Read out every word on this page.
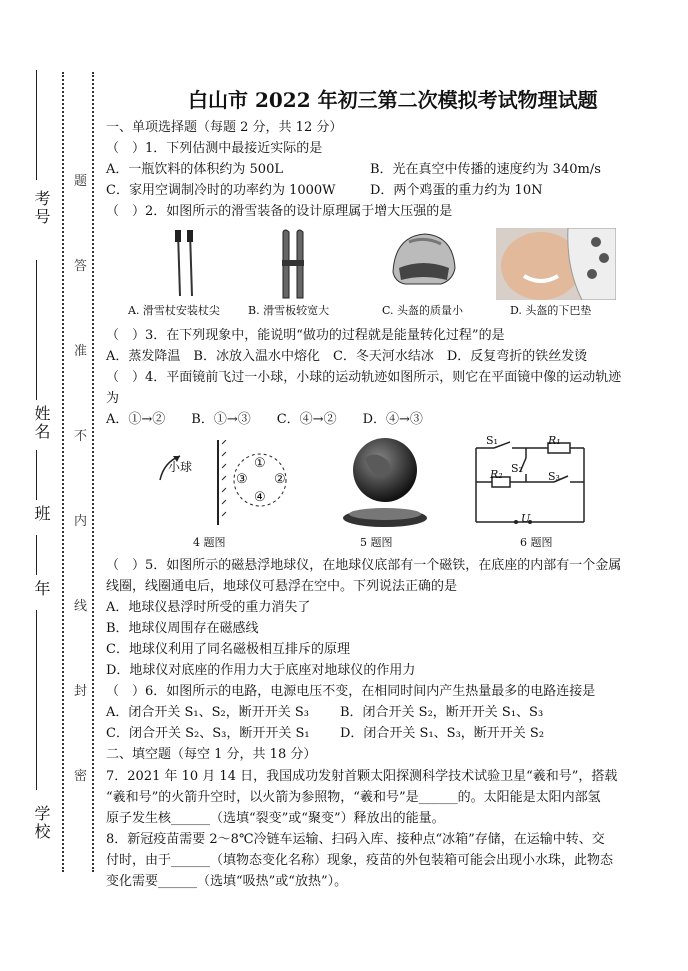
考号
姓名
班
年
学校
题
答
准
不
内
线
封
密
白山市 2022 年初三第二次模拟考试物理试题
一、单项选择题（每题 2 分，共 12 分）
（　）1．下列估测中最接近实际的是
A．一瓶饮料的体积约为 500L	B．光在真空中传播的速度约为 340m/s
C．家用空调制冷时的功率约为 1000W	D．两个鸡蛋的重力约为 10N
（　）2．如图所示的滑雪装备的设计原理属于增大压强的是
A. 滑雪杖安装杖尖	B. 滑雪板较宽大	C. 头盔的质量小	D. 头盔的下巴垫
（　）3．在下列现象中，能说明“做功的过程就是能量转化过程”的是
A．蒸发降温　B．冰放入温水中熔化　C．冬天河水结冰　D．反复弯折的铁丝发烫
（　）4．平面镜前飞过一小球，小球的运动轨迹如图所示，则它在平面镜中像的运动轨迹
为
A．①→②　　B．①→③　　C．④→②　　D．④→③
小球	①
②
③
④
S₁	R₁
R₂ S₂
S₃
U
4 题图	5 题图	6 题图
（　）5．如图所示的磁悬浮地球仪，在地球仪底部有一个磁铁，在底座的内部有一个金属
线圈，线圈通电后，地球仪可悬浮在空中。下列说法正确的是
A．地球仪悬浮时所受的重力消失了
B．地球仪周围存在磁感线
C．地球仪利用了同名磁极相互排斥的原理
D．地球仪对底座的作用力大于底座对地球仪的作用力
（　）6．如图所示的电路，电源电压不变，在相同时间内产生热量最多的电路连接是
A．闭合开关 S₁、S₂，断开开关 S₃ B．闭合开关 S₂，断开开关 S₁、S₃
C．闭合开关 S₂、S₃，断开开关 S₁ D．闭合开关 S₁、S₃，断开开关 S₂
二、填空题（每空 1 分，共 18 分）
7．2021 年 10 月 14 日，我国成功发射首颗太阳探测科学技术试验卫星“羲和号”，搭载
“羲和号”的火箭升空时，以火箭为参照物，“羲和号”是______的。太阳能是太阳内部氢
原子发生核______（选填“裂变”或“聚变”）释放出的能量。
8．新冠疫苗需要 2～8℃冷链车运输、扫码入库、接种点“冰箱”存储，在运输中转、交
付时，由于______（填物态变化名称）现象，疫苗的外包装箱可能会出现小水珠，此物态
变化需要______（选填“吸热”或“放热”）。
